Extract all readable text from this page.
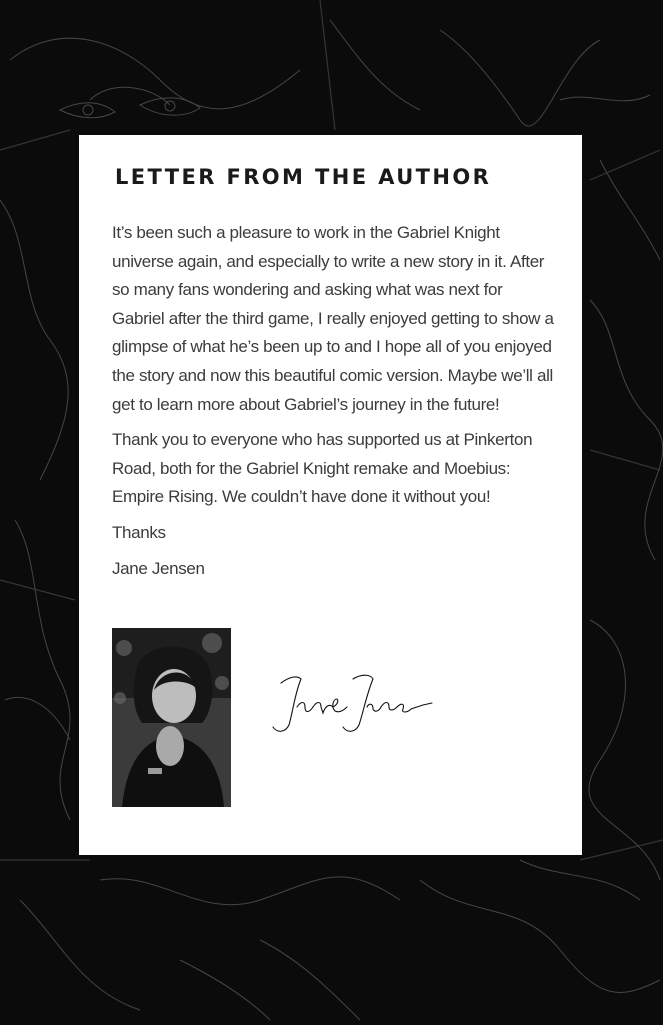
LETTER FROM THE AUTHOR

It’s been such a pleasure to work in the Gabriel Knight universe again, and especially to write a new story in it. After so many fans wondering and asking what was next for Gabriel after the third game, I really enjoyed getting to show a glimpse of what he’s been up to and I hope all of you enjoyed the story and now this beautiful comic version. Maybe we’ll all get to learn more about Gabriel’s journey in the future!

Thank you to everyone who has supported us at Pinkerton Road, both for the Gabriel Knight remake and Moebius: Empire Rising. We couldn’t have done it without you!

Thanks

Jane Jensen
